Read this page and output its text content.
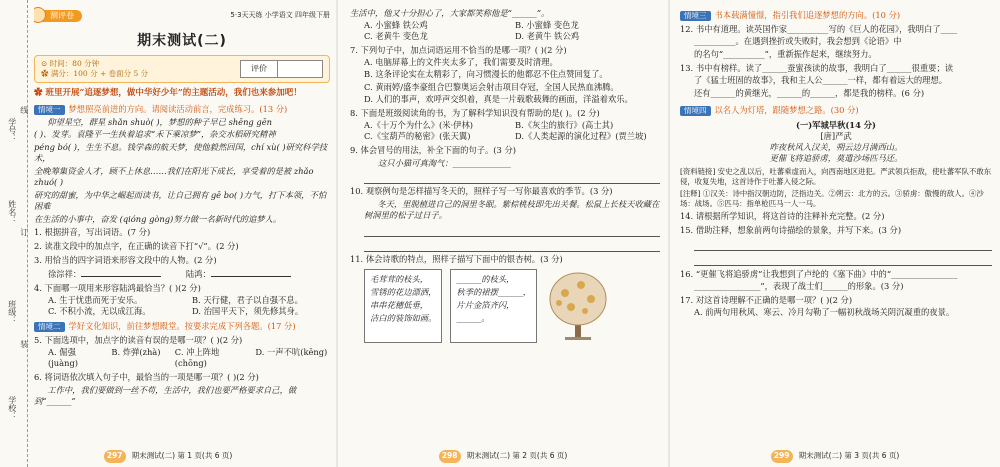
学号：
线
姓名：
订
班级：
装
学校：
测评卷	5·3天天练 小学语文 四年级下册
期末测试(二)
⊙ 时间：80 分钟
✿ 满分：100 分 + 卷面分 5 分
评价
✿ 班里开展“追逐梦想，做中华好少年”的主题活动，我们也来参加吧！
情境一 梦想照亮前进的方向。请阅读活动前言，完成练习。(13 分)
仰望星空，群星 shǎn shuò( )，梦想的种子早已 shēng gēn
( )、发芽。袁隆平一生执着追求“禾下乘凉梦”，杂交水稻研究精神
péng bó( )，生生不息。钱学森的航天梦，使他毅然回国，chí xù( )研究科学技术，
全晚筹集资金人才，顾不上休息……我们在阳光下成长，享受着的是被 zhǎo zhuó( )
研究的甜蜜，为中华之崛起而读书，让自己拥有 gē bo( )力气，打下本领，不怕困难
在生活的小事中，奋发 (qióng gòng)努力做一名新时代的追梦人。
1. 根据拼音，写出词语。(7 分)
2. 读准文段中的加点字，在正确的读音下打“√”。(2 分)
3. 用恰当的四字词语来形容文段中的人物。(2 分)
徐淙祥：	陆鸿：
4. 下面哪一项用来形容陆鸿最恰当？( )(2 分)
A. 生于忧患而死于安乐。	B. 天行健，君子以自强不息。
C. 不积小流，无以成江海。	D. 治国平天下，须先修其身。
情境二 学好文化知识，前往梦想殿堂。按要求完成下列各题。(17 分)
5. 下面选项中，加点字的读音有误的是哪一项？( )(2 分)
A. 倔强(juàng)
B. 炸弹(zhà)	C. 冲上阵地(chōng)
D. 一声不吭(kēng)
6. 将词语依次填入句子中，最恰当的一项是哪一项？( )(2 分)
工作中，我们要做到一丝不苟，生活中，我们也要严格要求自己，做到“______”
297	期末测试(二) 第 1 页(共 6 页)
生活中，他又十分担心了，大家都笑称他是“______”。
A. 小蜜蜂 铁公鸡	B. 小蜜蜂 变色龙
C. 老黄牛 变色龙	D. 老黄牛 铁公鸡
7. 下列句子中，加点词语运用不恰当的是哪一项？( )(2 分)
A. 电脑屏幕上的文件夹太多了，我们需要及时清理。
B. 这条评论实在太精彩了，向习惯漫长的他都忍不住点赞回复了。
C. 黄雨婷/盛李豪组合巴黎奥运会射击项目夺冠，全国人民热血沸腾。
D. 人们的事声，欢呼声交织着，真是一片载歌载舞的画面，洋溢着欢乐。
8. 下面是班级阅读角的书，为了解科学知识没有帮助的是( )。(2 分)
A.《十万个为什么》(米·伊林)	B.《灰尘的旅行》(高士其)
C.《宝葫芦的秘密》(张天翼)	D.《人类起源的演化过程》(贾兰坡)
9. 体会冒号的用法，补全下面的句子。(3 分)
这只小猫可真淘气：______________
10. 观察例句是怎样描写冬天的，照样子写一写你最喜欢的季节。(3 分)
冬天，里脱植进自己的洞里冬眠。紫棕桃枝即先出关餐。松鼠上长枝天收藏在树洞里的松子过日子。
11. 体会诗歌的特点，照样子描写下面中的银杏树。(3 分)
毛茸茸的枝头，
雪锈的花边漂洒，
串串花穗低垂，
洁白的装饰如画。
______的枝头，
秋季的裙摆______，
片片金箔齐闪，
______。
298	期末测试(二) 第 2 页(共 6 页)
情境三 书本载满憧憬，指引我们追逐梦想的方向。(10 分)
12. 书中有道理。读英国作家__________写的《巨人的花园》，我明白了____
__________。在遇到挫折或失败时，我会想到《论语》中
的名句“__________”，重新振作起来，继续努力。
13. 书中有榜样。读了______蚕蜜孩读的故事，我明白了______很重要；读
了《猛士班固的故事》，我和主人公______一样，都有着远大的理想。
还有______的黄继光，______的______，都是我的榜样。(6 分)
情境四 以名人为灯塔，跟随梦想之路。(30 分)
(一)军城早秋(14 分)
[唐]严武
昨夜秋风入汉关，朔云边月满西山。
更催飞将追骄虏，莫遣沙场匹马还。
[资料链接] 安史之乱以后，吐蕃乘虚而入，向西南地区进犯。严武领兵拒敌，使吐蕃军队不敢东侵，收复失地，这首诗作于吐蕃入侵之际。
[注释] ①汉关：诗中指汉朝边防，泛指边关。②朔云：北方的云。③骄虏：傲慢的敌人。④沙场：战场。⑤匹马：指单枪匹马一人一马。
14. 请根据所学知识，将这首诗的注释补充完整。(2 分)
15. 借助注释，想象前两句诗描绘的景象，并写下来。(3 分)
16. “更催飞将追骄虏”让我想到了卢纶的《塞下曲》中的“________________
________________”，表现了战士们______的形象。(3 分)
17. 对这首诗理解不正确的是哪一项？( )(2 分)
A. 前两句用秋风、寒云、冷月勾勒了一幅初秋战场关阴沉凝重的夜景。
299	期末测试(二) 第 3 页(共 6 页)
